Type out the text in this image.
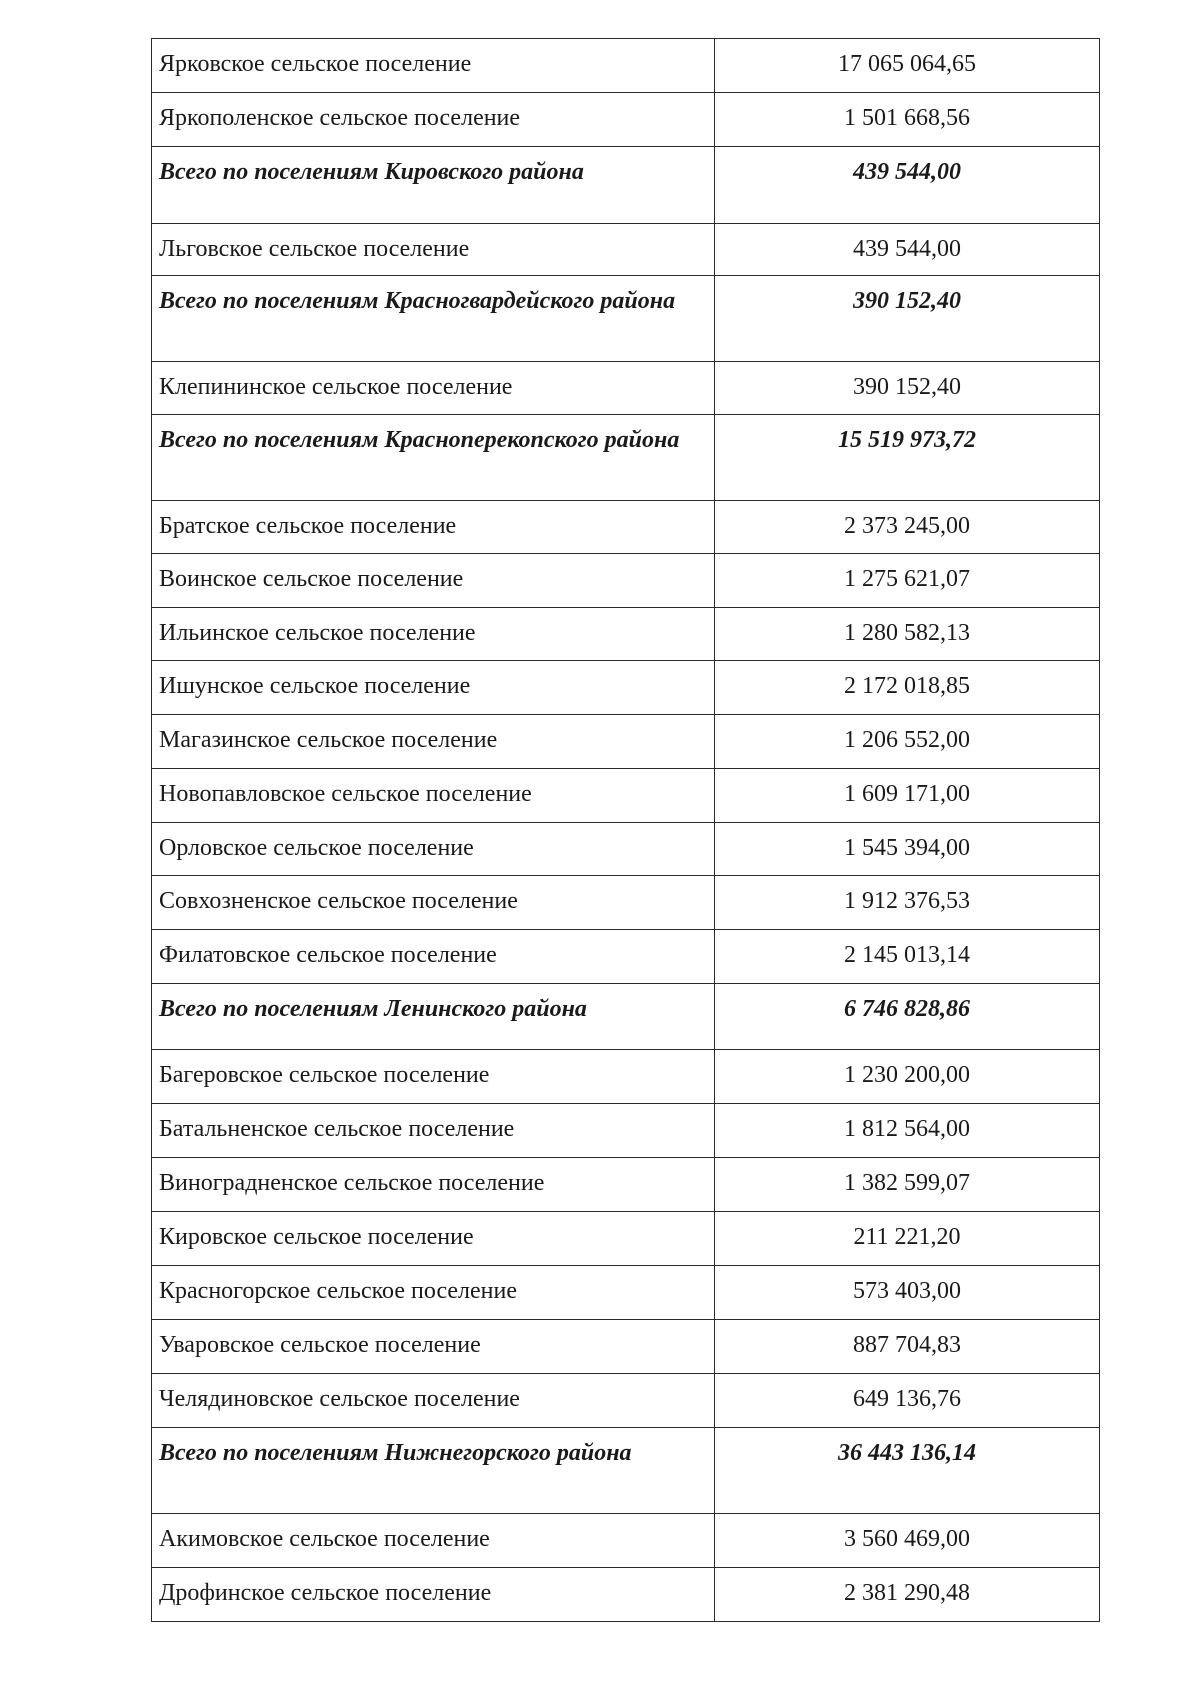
Ярковское сельское поселение	17 065 064,65
Яркополенское сельское поселение	1 501 668,56
Всего по поселениям Кировского района	439 544,00
Льговское сельское поселение	439 544,00
Всего по поселениям Красногвардейского района	390 152,40
Клепининское сельское поселение	390 152,40
Всего по поселениям Красноперекопского района	15 519 973,72
Братское сельское поселение	2 373 245,00
Воинское сельское поселение	1 275 621,07
Ильинское сельское поселение	1 280 582,13
Ишунское сельское поселение	2 172 018,85
Магазинское сельское поселение	1 206 552,00
Новопавловское сельское поселение	1 609 171,00
Орловское сельское поселение	1 545 394,00
Совхозненское сельское поселение	1 912 376,53
Филатовское сельское поселение	2 145 013,14
Всего по поселениям Ленинского района	6 746 828,86
Багеровское сельское поселение	1 230 200,00
Батальненское сельское поселение	1 812 564,00
Виноградненское сельское поселение	1 382 599,07
Кировское сельское поселение	211 221,20
Красногорское сельское поселение	573 403,00
Уваровское сельское поселение	887 704,83
Челядиновское сельское поселение	649 136,76
Всего по поселениям Нижнегорского района	36 443 136,14
Акимовское сельское поселение	3 560 469,00
Дрофинское сельское поселение	2 381 290,48
